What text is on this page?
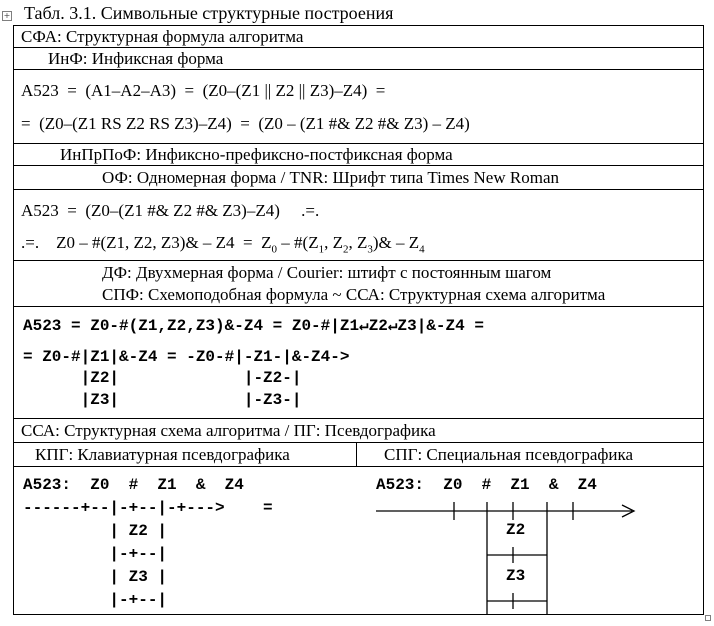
+ Табл. 3.1. Символьные структурные построения
СФА: Структурная формула алгоритма
ИнФ: Инфиксная форма
A523  =  (A1–A2–A3)  =  (Z0–(Z1 || Z2 || Z3)–Z4)  =
=  (Z0–(Z1 RS Z2 RS Z3)–Z4)  =  (Z0 – (Z1 #& Z2 #& Z3) – Z4)
ИнПрПоФ: Инфиксно-префиксно-постфиксная форма
ОФ: Одномерная форма / TNR: Шрифт типа Times New Roman
A523  =  (Z0–(Z1 #& Z2 #& Z3)–Z4)     .=.
.=.    Z0 – #(Z1, Z2, Z3)& – $Z4 = Z_0$ – $\#(Z_1$, $Z_2$, $Z_3)\& - Z_4$
ДФ: Двухмерная форма / Courier: штифт с постоянным шагом
СПФ: Схемоподобная формула ~ ССА: Структурная схема алгоритма
A523 = Z0-#(Z1,Z2,Z3)&-Z4 = Z0-#|Z1↵Z2↵Z3|&-Z4 =
= Z0-#|Z1|&-Z4 = -Z0-#|-Z1-|&-Z4->
|Z2|             |-Z2-|
|Z3|             |-Z3-|
ССА: Структурная схема алгоритма / ПГ: Псевдографика
КПГ: Клавиатурная псевдографика	СПГ: Специальная псевдографика
A523:  Z0  #  Z1  &  Z4
------+--|-+--|-+--->    =
| Z2 |
|-+--|
| Z3 |
|-+--|
A523:  Z0  #  Z1  &  Z4
Z2
Z3
